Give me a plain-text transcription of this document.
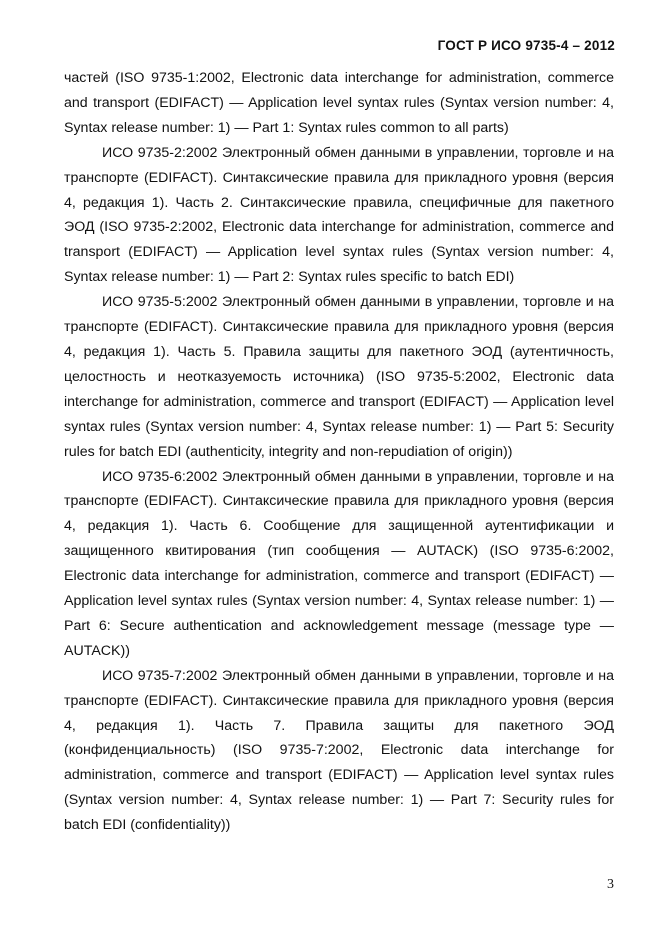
ГОСТ Р ИСО 9735-4 – 2012

частей (ISO 9735-1:2002, Electronic data interchange for administration, commerce and transport (EDIFACT) — Application level syntax rules (Syntax version number: 4, Syntax release number: 1) — Part 1: Syntax rules common to all parts)

ИСО 9735-2:2002 Электронный обмен данными в управлении, торговле и на транспорте (EDIFACT). Синтаксические правила для прикладного уровня (версия 4, редакция 1). Часть 2. Синтаксические правила, специфичные для пакетного ЭОД (ISO 9735-2:2002, Electronic data interchange for administration, commerce and transport (EDIFACT) — Application level syntax rules (Syntax version number: 4, Syntax release number: 1) — Part 2: Syntax rules specific to batch EDI)

ИСО 9735-5:2002 Электронный обмен данными в управлении, торговле и на транспорте (EDIFACT). Синтаксические правила для прикладного уровня (версия 4, редакция 1). Часть 5. Правила защиты для пакетного ЭОД (аутентичность, целостность и неотказуемость источника) (ISO 9735-5:2002, Electronic data interchange for administration, commerce and transport (EDIFACT) — Application level syntax rules (Syntax version number: 4, Syntax release number: 1) — Part 5: Security rules for batch EDI (authenticity, integrity and non-repudiation of origin))

ИСО 9735-6:2002 Электронный обмен данными в управлении, торговле и на транспорте (EDIFACT). Синтаксические правила для прикладного уровня (версия 4, редакция 1). Часть 6. Сообщение для защищенной аутентификации и защищенного квитирования (тип сообщения — AUTACK) (ISO 9735-6:2002, Electronic data interchange for administration, commerce and transport (EDIFACT) — Application level syntax rules (Syntax version number: 4, Syntax release number: 1) — Part 6: Secure authentication and acknowledgement message (message type — AUTACK))

ИСО 9735-7:2002 Электронный обмен данными в управлении, торговле и на транспорте (EDIFACT). Синтаксические правила для прикладного уровня (версия 4, редакция 1). Часть 7. Правила защиты для пакетного ЭОД (конфиденциальность) (ISO 9735-7:2002, Electronic data interchange for administration, commerce and transport (EDIFACT) — Application level syntax rules (Syntax version number: 4, Syntax release number: 1) — Part 7: Security rules for batch EDI (confidentiality))

3
